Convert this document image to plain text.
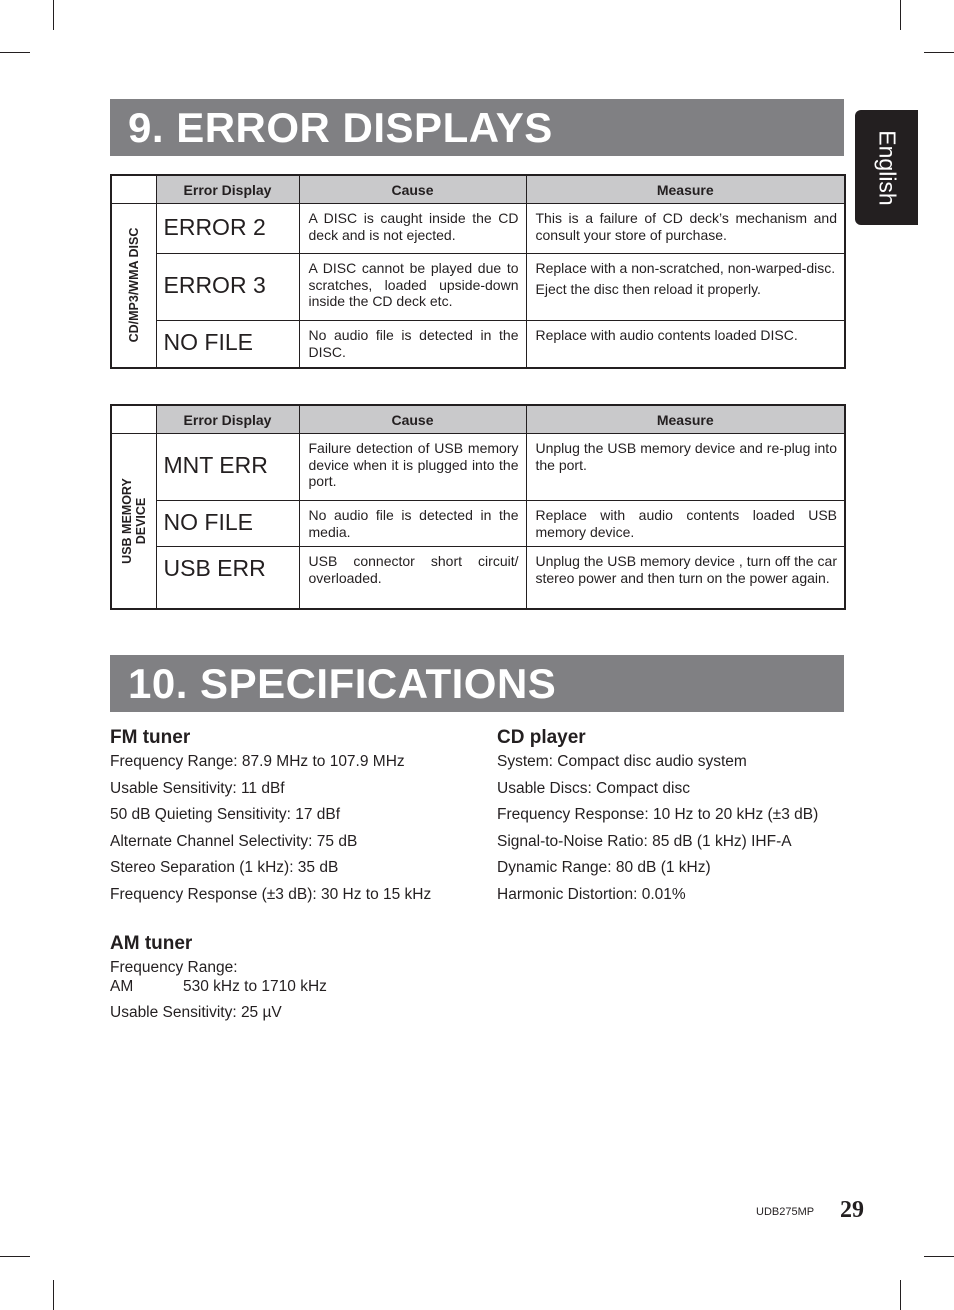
English
9. ERROR DISPLAYS
	Error Display	Cause	Measure

CD/MP3/WMA DISC	ERROR 2	A DISC is caught inside the CD deck and is not ejected.	This is a failure of CD deck’s mechanism and consult your store of purchase.
	ERROR 3	A DISC cannot be played due to scratches, loaded upside-down inside the CD deck etc.	Replace with a non-scratched, non-warped-disc.
Eject the disc then reload it properly.

	NO FILE	No audio file is detected in the DISC.	Replace with audio contents loaded DISC.
	Error Display	Cause	Measure

USB MEMORY DEVICE	MNT ERR	Failure detection of USB memory device when it is plugged into the port.	Unplug the USB memory device and re-plug into the port.
	NO FILE	No audio file is detected in the media.	Replace with audio contents loaded USB memory device.
	USB ERR	USB connector short circuit/ overloaded.	Unplug the USB memory device , turn off the car stereo power and then turn on the power again.
10. SPECIFICATIONS
FM tuner

Frequency Range: 87.9 MHz to 107.9 MHz

Usable Sensitivity: 11 dBf

50 dB Quieting Sensitivity: 17 dBf

Alternate Channel Selectivity: 75 dB

Stereo Separation (1 kHz): 35 dB

Frequency Response (±3 dB): 30 Hz to 15 kHz

AM tuner

Frequency Range:

AM	530 kHz to 1710 kHz

Usable Sensitivity: 25 µV

CD player

System: Compact disc audio system

Usable Discs: Compact disc

Frequency Response: 10 Hz to 20 kHz (±3 dB)

Signal-to-Noise Ratio: 85 dB (1 kHz) IHF-A

Dynamic Range: 80 dB (1 kHz)

Harmonic Distortion: 0.01%

UDB275MP 29
